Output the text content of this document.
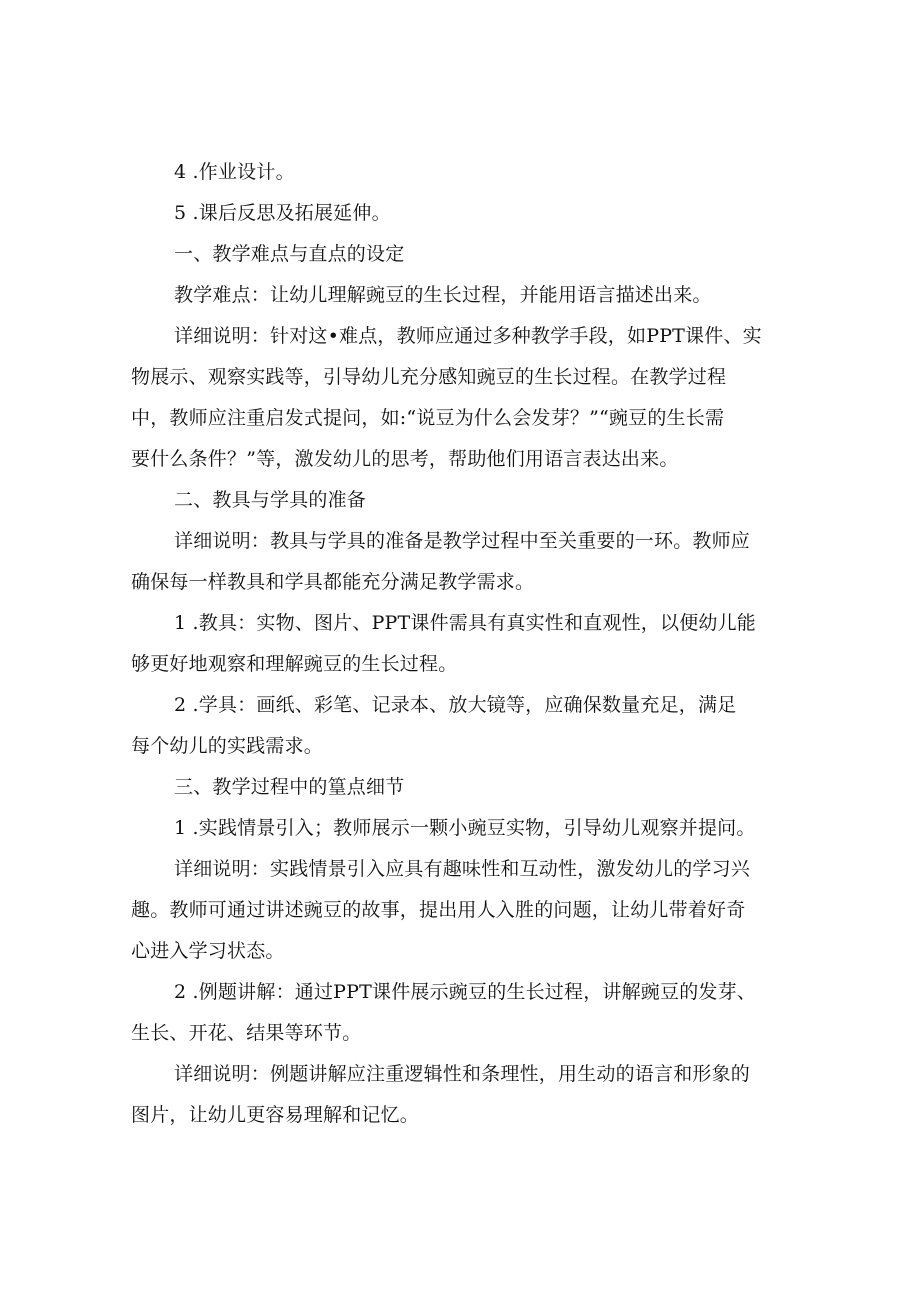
4 .作业设计。
5 .课后反思及拓展延伸。
一、教学难点与直点的设定
教学难点：让幼儿理解豌豆的生长过程，并能用语言描述出来。
详细说明：针对这•难点，教师应通过多种教学手段，如PPT课件、实
物展示、观察实践等，引导幼儿充分感知豌豆的生长过程。在教学过程
中，教师应注重启发式提问，如:“说豆为什么会发芽？”“豌豆的生长需
要什么条件？”等，激发幼儿的思考，帮助他们用语言表达出来。
二、教具与学具的准备
详细说明：教具与学具的准备是教学过程中至关重要的一环。教师应
确保每一样教具和学具都能充分满足教学需求。
1 .教具：实物、图片、PPT课件需具有真实性和直观性，以便幼儿能
够更好地观察和理解豌豆的生长过程。
2 .学具：画纸、彩笔、记录本、放大镜等，应确保数量充足，满足
每个幼儿的实践需求。
三、教学过程中的篁点细节
1 .实践情景引入；教师展示一颗小豌豆实物，引导幼儿观察并提问。
详细说明：实践情景引入应具有趣味性和互动性，激发幼儿的学习兴
趣。教师可通过讲述豌豆的故事，提出用人入胜的问题，让幼儿带着好奇
心进入学习状态。
2 .例题讲解：通过PPT课件展示豌豆的生长过程，讲解豌豆的发芽、
生长、开花、结果等环节。
详细说明：例题讲解应注重逻辑性和条理性，用生动的语言和形象的
图片，让幼儿更容易理解和记忆。
